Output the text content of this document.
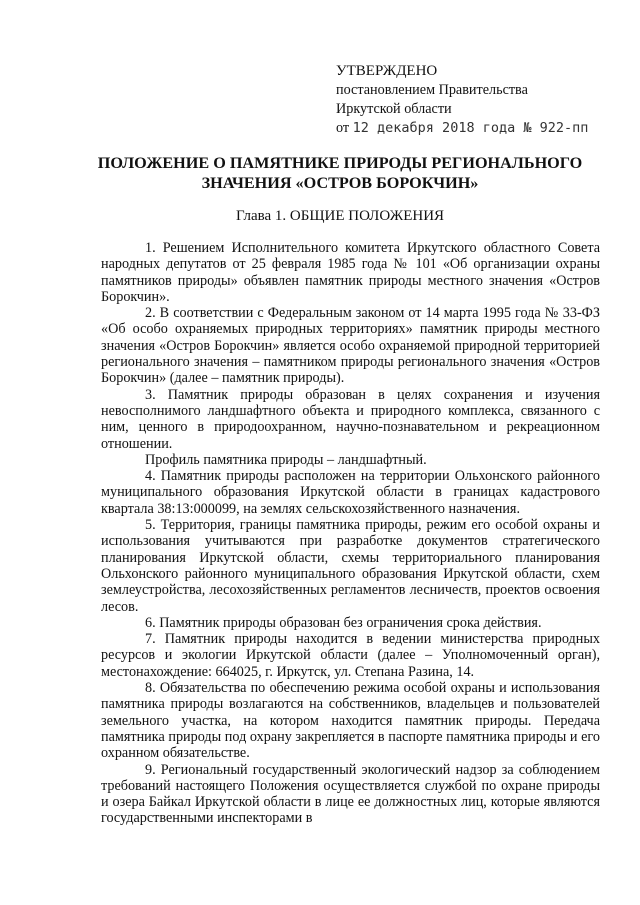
УТВЕРЖДЕНО
постановлением Правительства
Иркутской области
от 12 декабря 2018 года № 922-пп
ПОЛОЖЕНИЕ О ПАМЯТНИКЕ ПРИРОДЫ РЕГИОНАЛЬНОГО
ЗНАЧЕНИЯ «ОСТРОВ БОРОКЧИН»
Глава 1. ОБЩИЕ ПОЛОЖЕНИЯ

1. Решением Исполнительного комитета Иркутского областного Совета народных депутатов от 25 февраля 1985 года № 101 «Об организации охраны памятников природы» объявлен памятник природы местного значения «Остров Борокчин».

2. В соответствии с Федеральным законом от 14 марта 1995 года № 33-ФЗ «Об особо охраняемых природных территориях» памятник природы местного значения «Остров Борокчин» является особо охраняемой природной территорией регионального значения – памятником природы регионального значения «Остров Борокчин» (далее – памятник природы).

3. Памятник природы образован в целях сохранения и изучения невосполнимого ландшафтного объекта и природного комплекса, связанного с ним, ценного в природоохранном, научно-познавательном и рекреационном отношении.

Профиль памятника природы – ландшафтный.

4. Памятник природы расположен на территории Ольхонского районного муниципального образования Иркутской области в границах кадастрового квартала 38:13:000099, на землях сельскохозяйственного назначения.

5. Территория, границы памятника природы, режим его особой охраны и использования учитываются при разработке документов стратегического планирования Иркутской области, схемы территориального планирования Ольхонского районного муниципального образования Иркутской области, схем землеустройства, лесохозяйственных регламентов лесничеств, проектов освоения лесов.

6. Памятник природы образован без ограничения срока действия.

7. Памятник природы находится в ведении министерства природных ресурсов и экологии Иркутской области (далее – Уполномоченный орган), местонахождение: 664025, г. Иркутск, ул. Степана Разина, 14.

8. Обязательства по обеспечению режима особой охраны и использования памятника природы возлагаются на собственников, владельцев и пользователей земельного участка, на котором находится памятник природы. Передача памятника природы под охрану закрепляется в паспорте памятника природы и его охранном обязательстве.

9. Региональный государственный экологический надзор за соблюдением требований настоящего Положения осуществляется службой по охране природы и озера Байкал Иркутской области в лице ее должностных лиц, которые являются государственными инспекторами в
